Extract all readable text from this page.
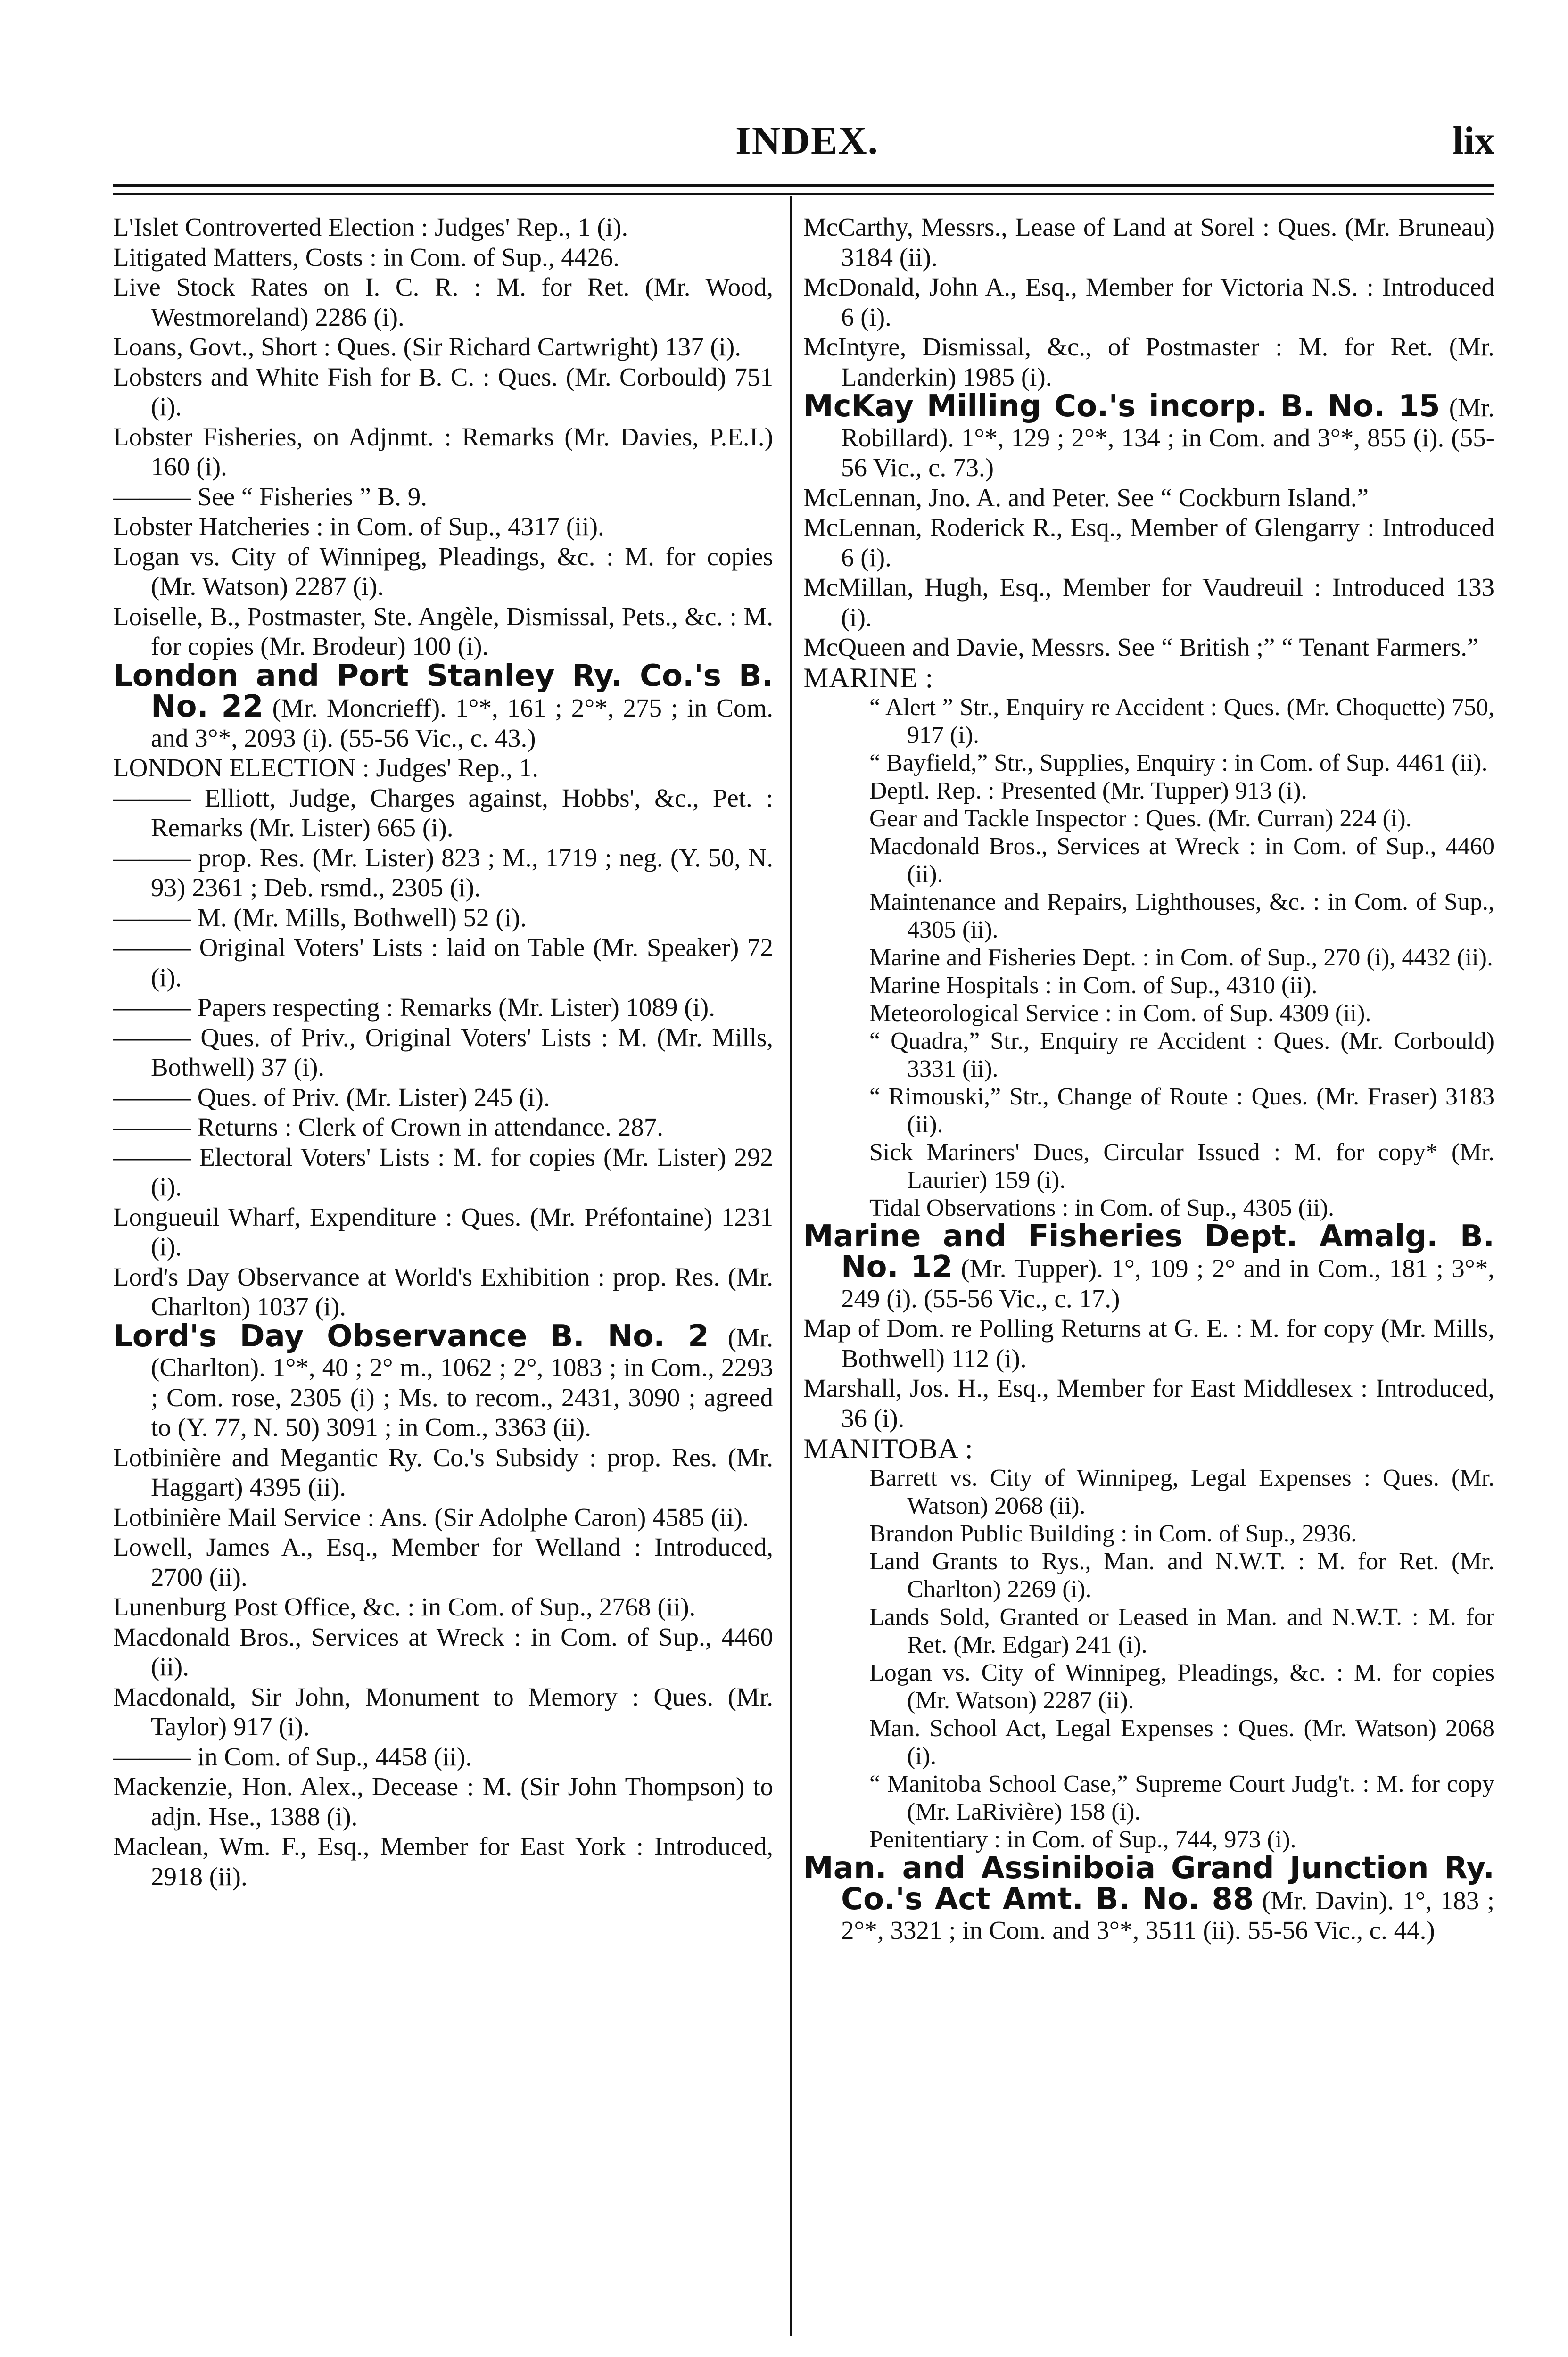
INDEX.	lix
L'Islet Controverted Election : Judges' Rep., 1 (i).
Litigated Matters, Costs : in Com. of Sup., 4426.
Live Stock Rates on I. C. R. : M. for Ret. (Mr. Wood, Westmoreland) 2286 (i).
Loans, Govt., Short : Ques. (Sir Richard Cartwright) 137 (i).
Lobsters and White Fish for B. C. : Ques. (Mr. Corbould) 751 (i).
Lobster Fisheries, on Adjnmt. : Remarks (Mr. Davies, P.E.I.) 160 (i).
——— See “ Fisheries ” B. 9.
Lobster Hatcheries : in Com. of Sup., 4317 (ii).
Logan vs. City of Winnipeg, Pleadings, &c. : M. for copies (Mr. Watson) 2287 (i).
Loiselle, B., Postmaster, Ste. Angèle, Dismissal, Pets., &c. : M. for copies (Mr. Brodeur) 100 (i).
London and Port Stanley Ry. Co.'s B. No. 22 (Mr. Moncrieff). 1°*, 161 ; 2°*, 275 ; in Com. and 3°*, 2093 (i). (55-56 Vic., c. 43.)
LONDON ELECTION : Judges' Rep., 1.
——— Elliott, Judge, Charges against, Hobbs', &c., Pet. : Remarks (Mr. Lister) 665 (i).
——— prop. Res. (Mr. Lister) 823 ; M., 1719 ; neg. (Y. 50, N. 93) 2361 ; Deb. rsmd., 2305 (i).
——— M. (Mr. Mills, Bothwell) 52 (i).
——— Original Voters' Lists : laid on Table (Mr. Speaker) 72 (i).
——— Papers respecting : Remarks (Mr. Lister) 1089 (i).
——— Ques. of Priv., Original Voters' Lists : M. (Mr. Mills, Bothwell) 37 (i).
——— Ques. of Priv. (Mr. Lister) 245 (i).
——— Returns : Clerk of Crown in attendance. 287.
——— Electoral Voters' Lists : M. for copies (Mr. Lister) 292 (i).
Longueuil Wharf, Expenditure : Ques. (Mr. Préfontaine) 1231 (i).
Lord's Day Observance at World's Exhibition : prop. Res. (Mr. Charlton) 1037 (i).
Lord's Day Observance B. No. 2 (Mr. (Charlton). 1°*, 40 ; 2° m., 1062 ; 2°, 1083 ; in Com., 2293 ; Com. rose, 2305 (i) ; Ms. to recom., 2431, 3090 ; agreed to (Y. 77, N. 50) 3091 ; in Com., 3363 (ii).
Lotbinière and Megantic Ry. Co.'s Subsidy : prop. Res. (Mr. Haggart) 4395 (ii).
Lotbinière Mail Service : Ans. (Sir Adolphe Caron) 4585 (ii).
Lowell, James A., Esq., Member for Welland : Introduced, 2700 (ii).
Lunenburg Post Office, &c. : in Com. of Sup., 2768 (ii).
Macdonald Bros., Services at Wreck : in Com. of Sup., 4460 (ii).
Macdonald, Sir John, Monument to Memory : Ques. (Mr. Taylor) 917 (i).
——— in Com. of Sup., 4458 (ii).
Mackenzie, Hon. Alex., Decease : M. (Sir John Thompson) to adjn. Hse., 1388 (i).
Maclean, Wm. F., Esq., Member for East York : Introduced, 2918 (ii).
McCarthy, Messrs., Lease of Land at Sorel : Ques. (Mr. Bruneau) 3184 (ii).
McDonald, John A., Esq., Member for Victoria N.S. : Introduced 6 (i).
McIntyre, Dismissal, &c., of Postmaster : M. for Ret. (Mr. Landerkin) 1985 (i).
McKay Milling Co.'s incorp. B. No. 15 (Mr. Robillard). 1°*, 129 ; 2°*, 134 ; in Com. and 3°*, 855 (i). (55-56 Vic., c. 73.)
McLennan, Jno. A. and Peter. See “ Cockburn Island.”
McLennan, Roderick R., Esq., Member of Glengarry : Introduced 6 (i).
McMillan, Hugh, Esq., Member for Vaudreuil : Introduced 133 (i).
McQueen and Davie, Messrs. See “ British ;” “ Tenant Farmers.”
MARINE :
“ Alert ” Str., Enquiry re Accident : Ques. (Mr. Choquette) 750, 917 (i).
“ Bayfield,” Str., Supplies, Enquiry : in Com. of Sup. 4461 (ii).
Deptl. Rep. : Presented (Mr. Tupper) 913 (i).
Gear and Tackle Inspector : Ques. (Mr. Curran) 224 (i).
Macdonald Bros., Services at Wreck : in Com. of Sup., 4460 (ii).
Maintenance and Repairs, Lighthouses, &c. : in Com. of Sup., 4305 (ii).
Marine and Fisheries Dept. : in Com. of Sup., 270 (i), 4432 (ii).
Marine Hospitals : in Com. of Sup., 4310 (ii).
Meteorological Service : in Com. of Sup. 4309 (ii).
“ Quadra,” Str., Enquiry re Accident : Ques. (Mr. Corbould) 3331 (ii).
“ Rimouski,” Str., Change of Route : Ques. (Mr. Fraser) 3183 (ii).
Sick Mariners' Dues, Circular Issued : M. for copy* (Mr. Laurier) 159 (i).
Tidal Observations : in Com. of Sup., 4305 (ii).
Marine and Fisheries Dept. Amalg. B. No. 12 (Mr. Tupper). 1°, 109 ; 2° and in Com., 181 ; 3°*, 249 (i). (55-56 Vic., c. 17.)
Map of Dom. re Polling Returns at G. E. : M. for copy (Mr. Mills, Bothwell) 112 (i).
Marshall, Jos. H., Esq., Member for East Middlesex : Introduced, 36 (i).
MANITOBA :
Barrett vs. City of Winnipeg, Legal Expenses : Ques. (Mr. Watson) 2068 (ii).
Brandon Public Building : in Com. of Sup., 2936.
Land Grants to Rys., Man. and N.W.T. : M. for Ret. (Mr. Charlton) 2269 (i).
Lands Sold, Granted or Leased in Man. and N.W.T. : M. for Ret. (Mr. Edgar) 241 (i).
Logan vs. City of Winnipeg, Pleadings, &c. : M. for copies (Mr. Watson) 2287 (ii).
Man. School Act, Legal Expenses : Ques. (Mr. Watson) 2068 (i).
“ Manitoba School Case,” Supreme Court Judg't. : M. for copy (Mr. LaRivière) 158 (i).
Penitentiary : in Com. of Sup., 744, 973 (i).
Man. and Assiniboia Grand Junction Ry. Co.'s Act Amt. B. No. 88 (Mr. Davin). 1°, 183 ; 2°*, 3321 ; in Com. and 3°*, 3511 (ii). 55-56 Vic., c. 44.)
